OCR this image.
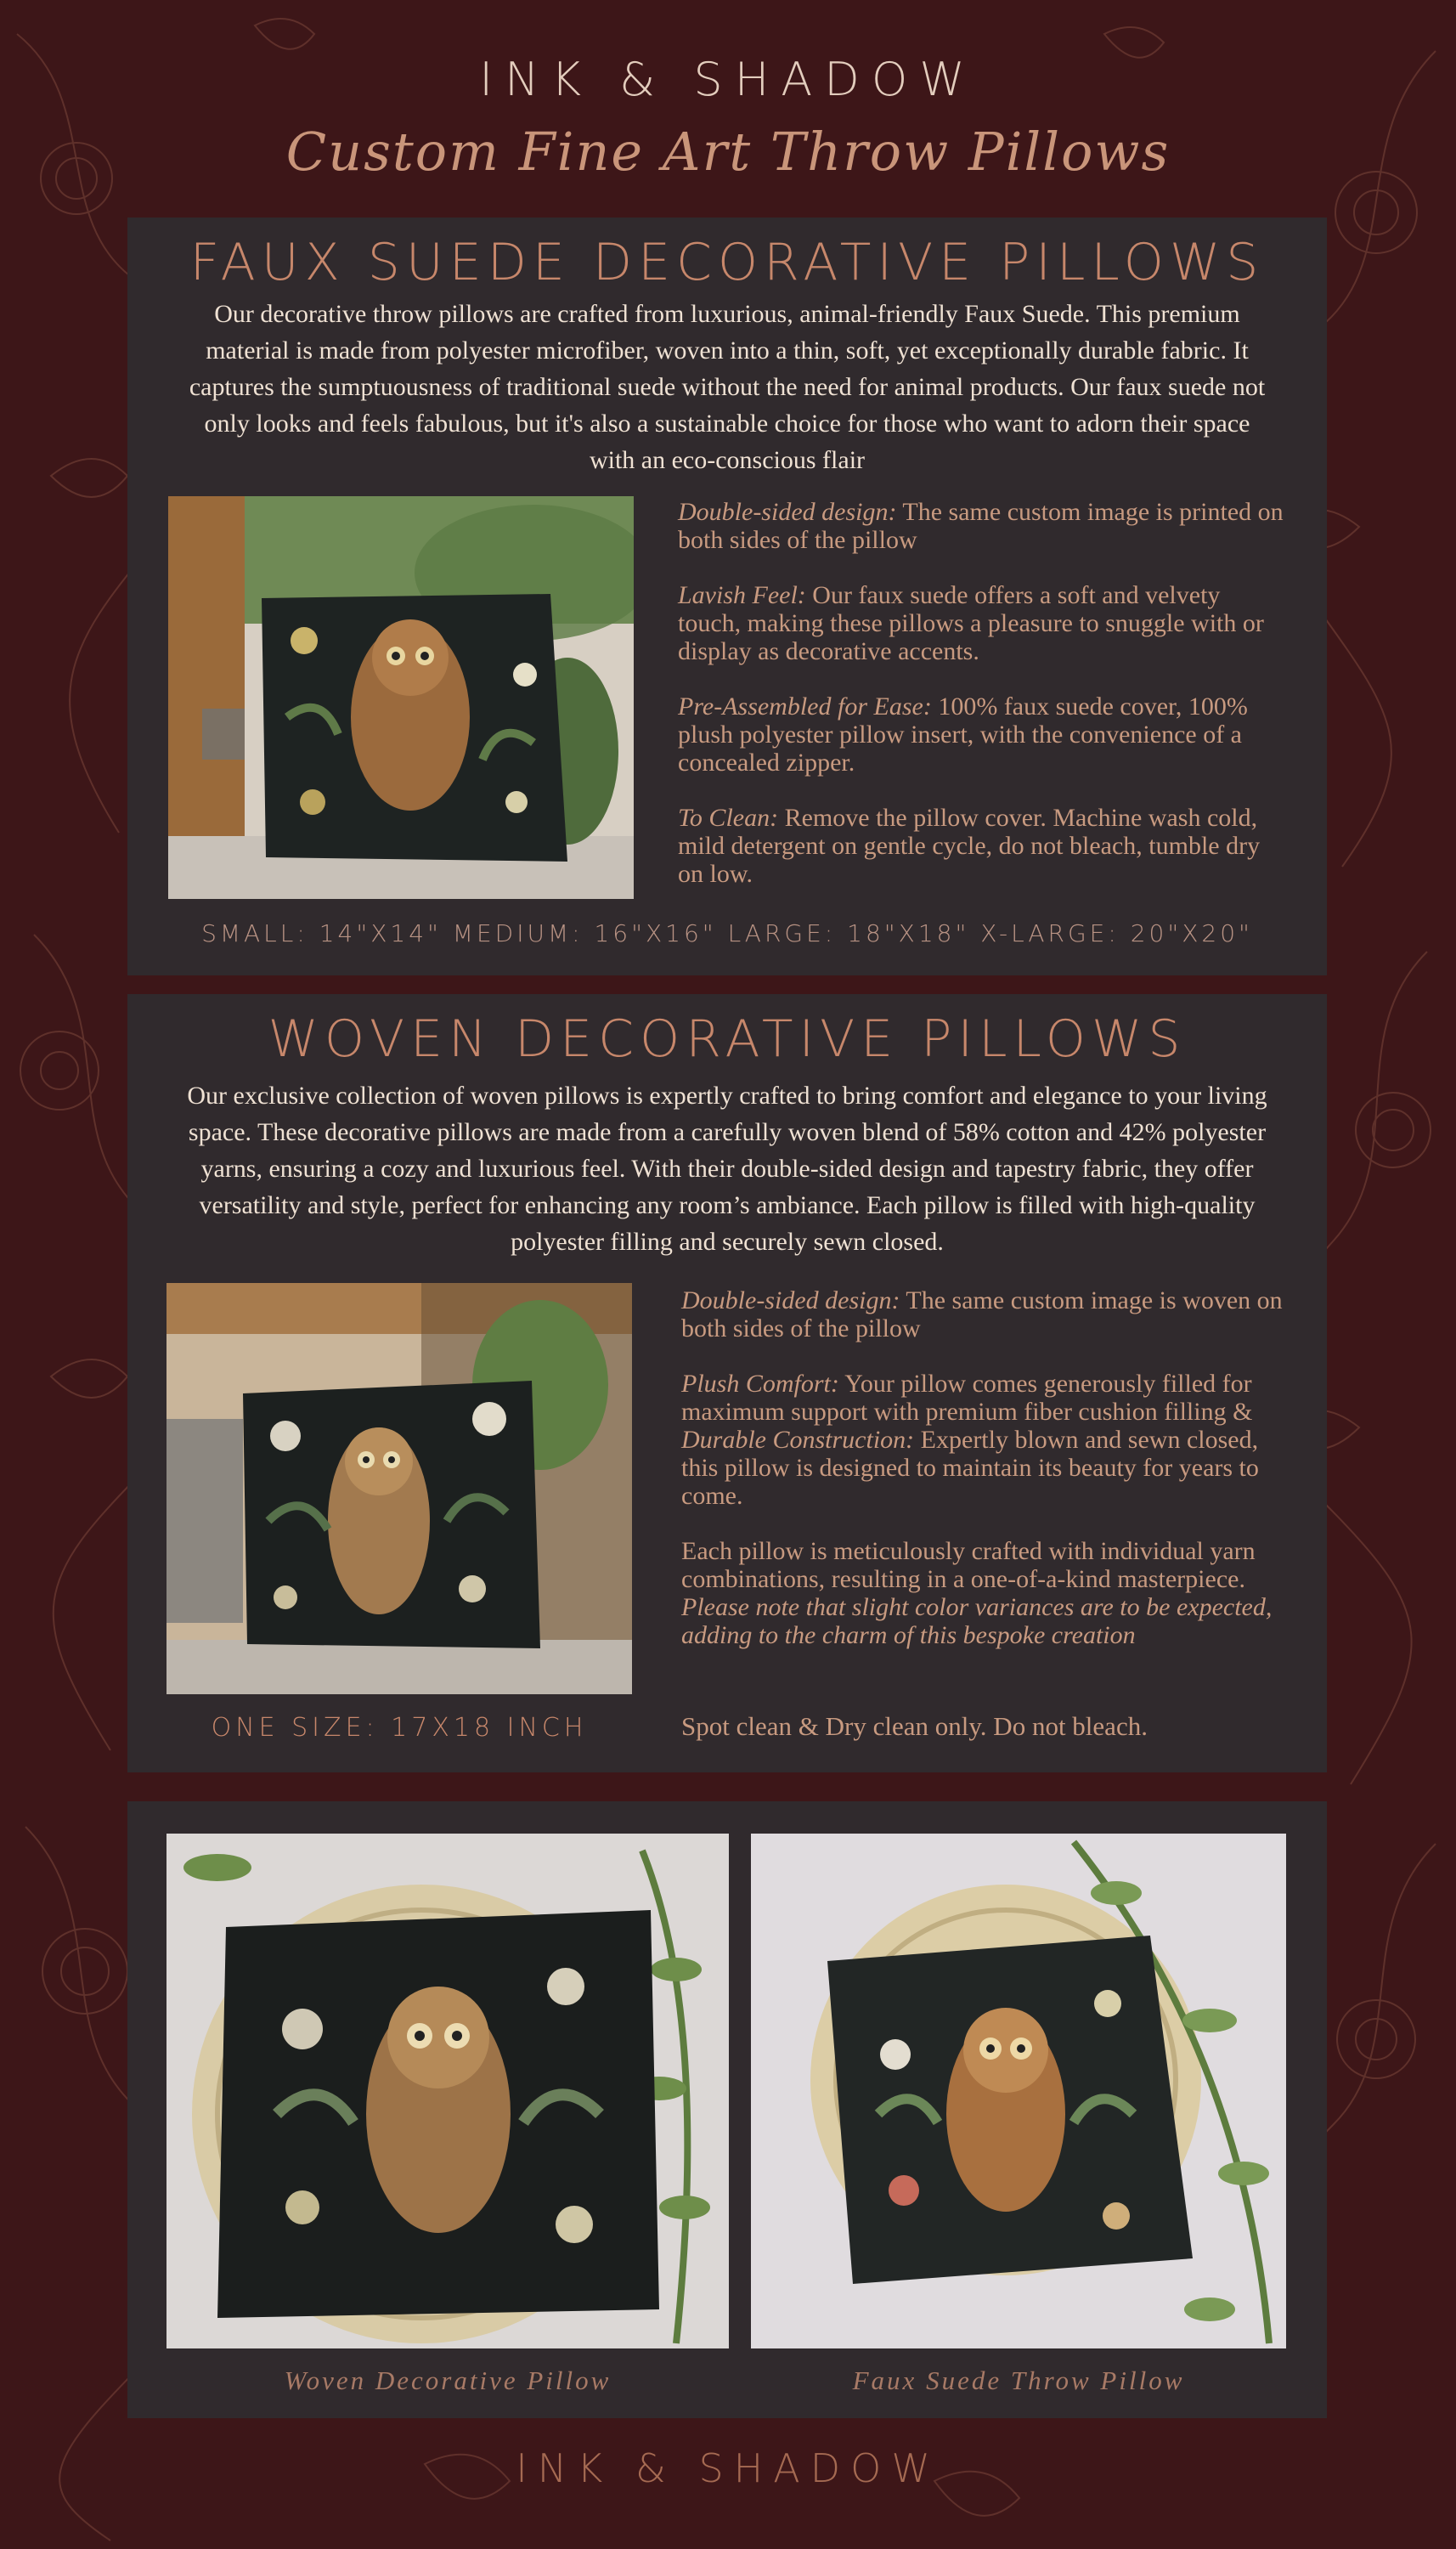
INK & SHADOW
Custom Fine Art Throw Pillows
FAUX SUEDE DECORATIVE PILLOWS
Our decorative throw pillows are crafted from luxurious, animal-friendly Faux Suede. This premium material is made from polyester microfiber, woven into a thin, soft, yet exceptionally durable fabric. It captures the sumptuousness of traditional suede without the need for animal products. Our faux suede not only looks and feels fabulous, but it's also a sustainable choice for those who want to adorn their space with an eco-conscious flair

Double-sided design: The same custom image is printed on both sides of the pillow

Lavish Feel: Our faux suede offers a soft and velvety touch, making these pillows a pleasure to snuggle with or display as decorative accents.

Pre-Assembled for Ease: 100% faux suede cover, 100% plush polyester pillow insert, with the convenience of a concealed zipper.

To Clean: Remove the pillow cover. Machine wash cold, mild detergent on gentle cycle, do not bleach, tumble dry on low.

SMALL: 14"X14" MEDIUM: 16"X16" LARGE: 18"X18" X-LARGE: 20"X20"
WOVEN DECORATIVE PILLOWS
Our exclusive collection of woven pillows is expertly crafted to bring comfort and elegance to your living space. These decorative pillows are made from a carefully woven blend of 58% cotton and 42% polyester yarns, ensuring a cozy and luxurious feel. With their double-sided design and tapestry fabric, they offer versatility and style, perfect for enhancing any room’s ambiance. Each pillow is filled with high-quality polyester filling and securely sewn closed.

Double-sided design: The same custom image is woven on both sides of the pillow

Plush Comfort: Your pillow comes generously filled for maximum support with premium fiber cushion filling & Durable Construction: Expertly blown and sewn closed, this pillow is designed to maintain its beauty for years to come.

Each pillow is meticulously crafted with individual yarn combinations, resulting in a one-of-a-kind masterpiece. Please note that slight color variances are to be expected, adding to the charm of this bespoke creation

ONE SIZE: 17X18 INCH	Spot clean & Dry clean only. Do not bleach.
Woven Decorative Pillow	Faux Suede Throw Pillow
INK & SHADOW
